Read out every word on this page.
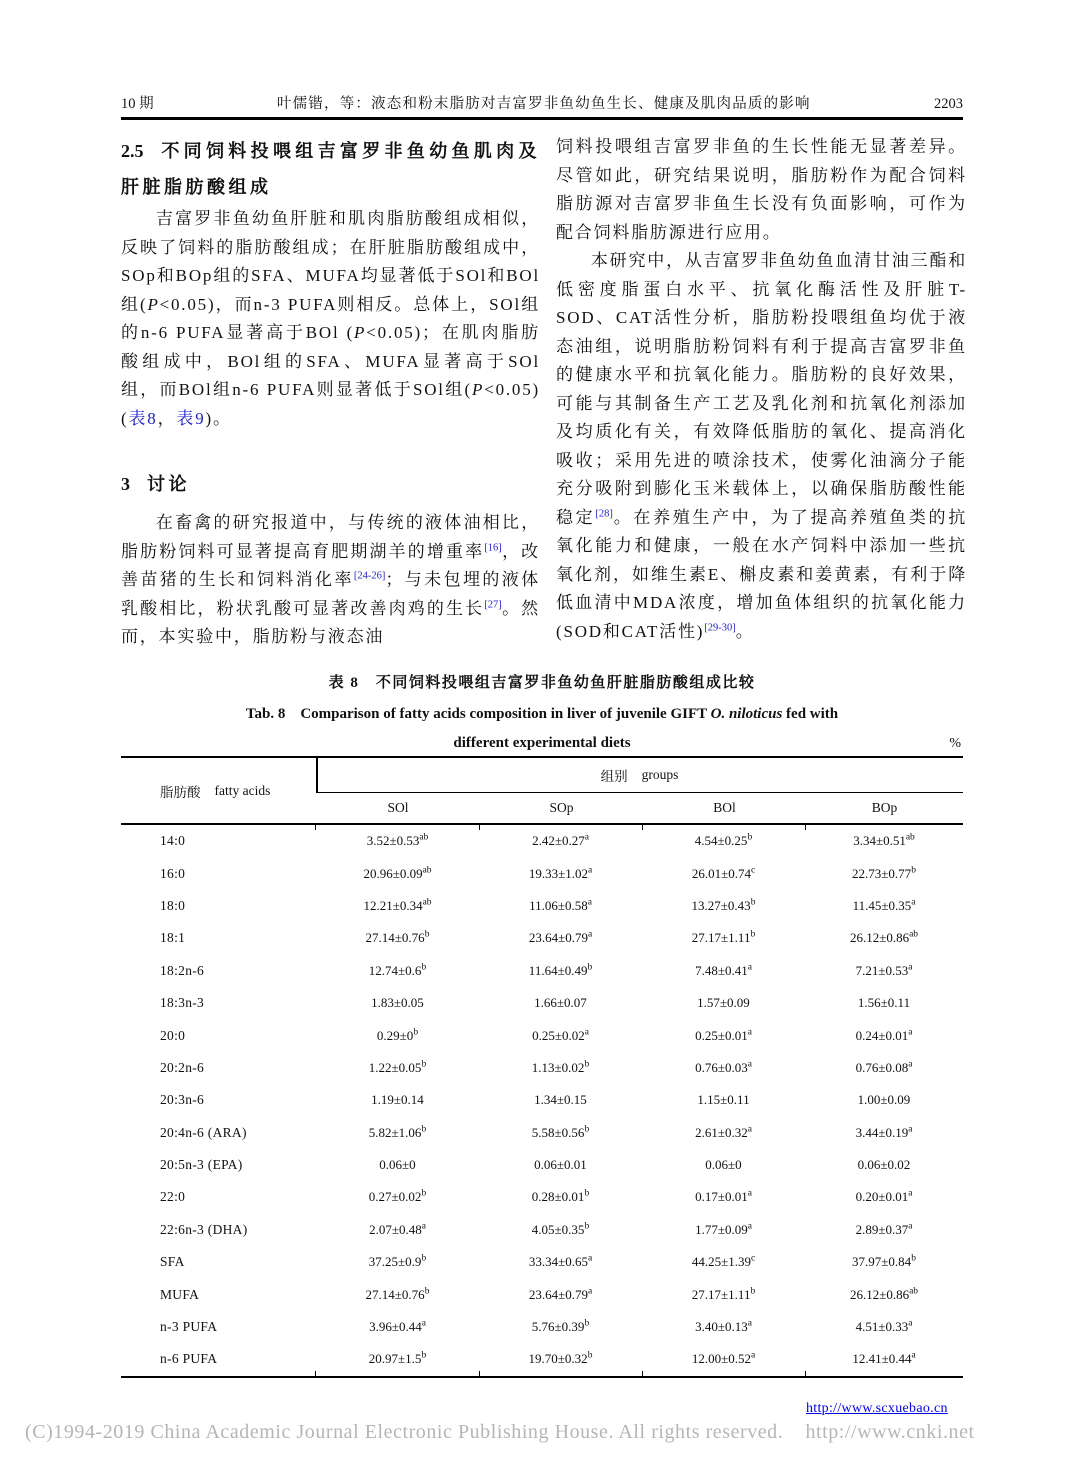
10 期	叶儒锴，等：液态和粉末脂肪对吉富罗非鱼幼鱼生长、健康及肌肉品质的影响	2203
2.5 不同饲料投喂组吉富罗非鱼幼鱼肌肉及肝脏脂肪酸组成

吉富罗非鱼幼鱼肝脏和肌肉脂肪酸组成相似，反映了饲料的脂肪酸组成；在肝脏脂肪酸组成中，SOp和BOp组的SFA、MUFA均显著低于SOl和BOl组(P<0.05)，而n-3 PUFA则相反。总体上，SOl组的n-6 PUFA显著高于BOl (P<0.05)；在肌肉脂肪酸组成中，BOl组的SFA、MUFA显著高于SOl组，而BOl组n-6 PUFA则显著低于SOl组(P<0.05)(表8，表9)。

3 讨论

在畜禽的研究报道中，与传统的液体油相比，脂肪粉饲料可显著提高育肥期湖羊的增重率[16]，改善苗猪的生长和饲料消化率[24-26]；与未包埋的液体乳酸相比，粉状乳酸可显著改善肉鸡的生长[27]。然而，本实验中，脂肪粉与液态油

饲料投喂组吉富罗非鱼的生长性能无显著差异。尽管如此，研究结果说明，脂肪粉作为配合饲料脂肪源对吉富罗非鱼生长没有负面影响，可作为配合饲料脂肪源进行应用。

本研究中，从吉富罗非鱼幼鱼血清甘油三酯和低密度脂蛋白水平、抗氧化酶活性及肝脏T-SOD、CAT活性分析，脂肪粉投喂组鱼均优于液态油组，说明脂肪粉饲料有利于提高吉富罗非鱼的健康水平和抗氧化能力。脂肪粉的良好效果，可能与其制备生产工艺及乳化剂和抗氧化剂添加及均质化有关，有效降低脂肪的氧化、提高消化吸收；采用先进的喷涂技术，使雾化油滴分子能充分吸附到膨化玉米载体上，以确保脂肪酸性能稳定[28]。在养殖生产中，为了提高养殖鱼类的抗氧化能力和健康，一般在水产饲料中添加一些抗氧化剂，如维生素E、槲皮素和姜黄素，有利于降低血清中MDA浓度，增加鱼体组织的抗氧化能力(SOD和CAT活性)[29-30]。

表 8　不同饲料投喂组吉富罗非鱼幼鱼肝脏脂肪酸组成比较
Tab. 8　Comparison of fatty acids composition in liver of juvenile GIFT O. niloticus fed with
different experimental diets	%
脂肪酸 fatty acids
组别 groups
SOl	SOp	BOl	BOp
14:0	3.52±0.53$^{ab}$	2.42±0.27$^a$	4.54±0.25$^b$	3.34±0.51$^{ab}$
16:0	20.96±0.09$^{ab}$	19.33±1.02$^a$	26.01±0.74$^c$	22.73±0.77$^b$
18:0	12.21±0.34$^{ab}$	11.06±0.58$^a$	13.27±0.43$^b$	11.45±0.35$^a$
18:1	27.14±0.76$^b$	23.64±0.79$^a$	27.17±1.11$^b$	26.12±0.86$^{ab}$
18:2n-6	12.74±0.6$^b$	11.64±0.49$^b$	7.48±0.41$^a$	7.21±0.53$^a$
18:3n-3	1.83±0.05	1.66±0.07	1.57±0.09	1.56±0.11
20:0	$0.29\pm 0^b$	0.25±0.02$^a$	0.25±0.01$^a$	0.24±0.01$^a$
20:2n-6	1.22±0.05$^b$	1.13±0.02$^b$	0.76±0.03$^a$	0.76±0.08$^a$
20:3n-6	1.19±0.14	1.34±0.15	1.15±0.11	1.00±0.09
20:4n-6 (ARA)	5.82±1.06$^b$	5.58±0.56$^b$	2.61±0.32$^a$	3.44±0.19$^a$
20:5n-3 (EPA)	0.06±0	0.06±0.01	0.06±0	0.06±0.02
22:0	0.27±0.02$^b$	0.28±0.01$^b$	0.17±0.01$^a$	0.20±0.01$^a$
22:6n-3 (DHA)	2.07±0.48$^a$	4.05±0.35$^b$	1.77±0.09$^a$	2.89±0.37$^a$
SFA	37.25±0.9$^b$	33.34±0.65$^a$	44.25±1.39$^c$	37.97±0.84$^b$
MUFA	27.14±0.76$^b$	23.64±0.79$^a$	27.17±1.11$^b$	26.12±0.86$^{ab}$
n-3 PUFA	3.96±0.44$^a$	5.76±0.39$^b$	3.40±0.13$^a$	4.51±0.33$^a$
n-6 PUFA	20.97±1.5$^b$	19.70±0.32$^b$	12.00±0.52$^a$	12.41±0.44$^a$
http://www.scxuebao.cn
(C)1994-2019 China Academic Journal Electronic Publishing House. All rights reserved.    http://www.cnki.net
